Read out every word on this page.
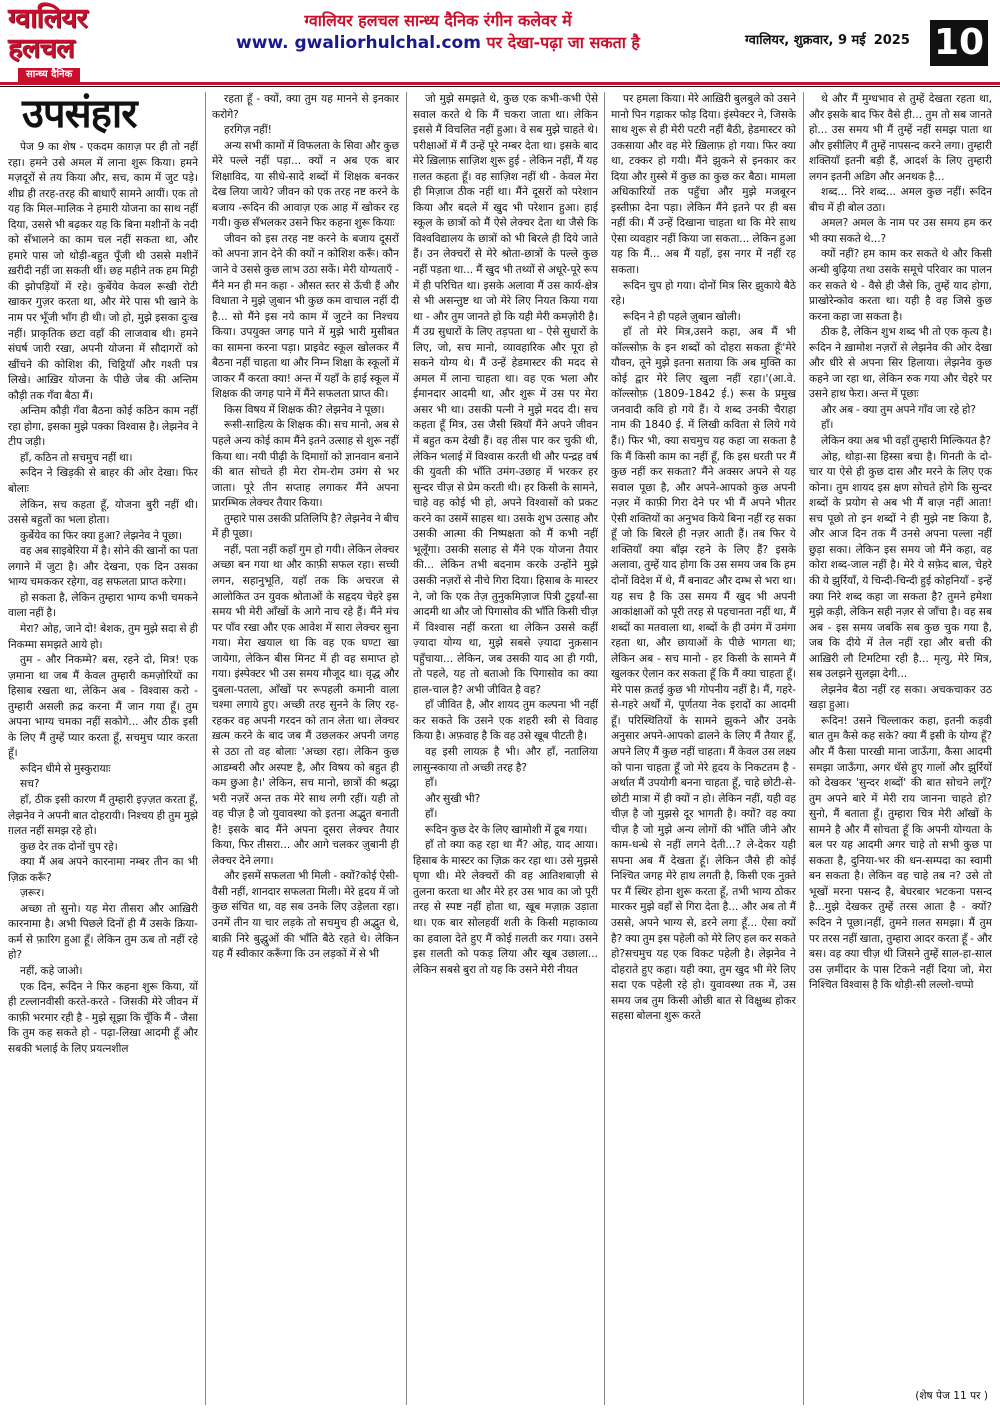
ग्वालियर
हलचल
सान्ध्य दैनिक
ग्वालियर हलचल सान्ध्य दैनिक रंगीन कलेवर में
www. gwaliorhulchal.com पर देखा-पढ़ा जा सकता है	ग्वालियर, शुक्रवार, 9 मई 2025 10
उपसंहार

पेज 9 का शेष - एकदम काग़ज़ पर ही तो नहीं रहा। हमने उसे अमल में लाना शुरू किया। हमने मज़दूरों से तय किया और, सच, काम में जुट पड़े। शीघ्र ही तरह-तरह की बाधाएँ सामने आयीं। एक तो यह कि मिल-मालिक ने हमारी योजना का साथ नहीं दिया, उससे भी बढ़कर यह कि बिना मशीनों के नदी को सँभालने का काम चल नहीं सकता था, और हमारे पास जो थोड़ी-बहुत पूँजी थी उससे मशीनें ख़रीदी नहीं जा सकती थीं। छह महीने तक हम मिट्टी की झोपड़ियों में रहे। कुर्बेयेव केवल रूखी रोटी खाकर गुज़र करता था, और मेरे पास भी खाने के नाम पर भूँजी भाँग ही थी। जो हो, मुझे इसका दुःख नहीं। प्राकृतिक छटा वहाँ की लाजवाब थी। हमने संघर्ष जारी रखा, अपनी योजना में सौदागरों को खींचने की कोशिश की, चिट्ठियाँ और गश्ती पत्र लिखे। आख़िर योजना के पीछे जेब की अन्तिम कौड़ी तक गँवा बैठा मैं।

अन्तिम कौड़ी गँवा बैठना कोई कठिन काम नहीं रहा होगा, इसका मुझे पक्का विश्वास है। लेझनेव ने टीप जड़ी।

हाँ, कठिन तो सचमुच नहीं था।

रूदिन ने खिड़की से बाहर की ओर देखा। फिर बोलाः

लेकिन, सच कहता हूँ, योजना बुरी नहीं थी। उससे बहुतों का भला होता।

कुर्बेयेव का फिर क्या हुआ? लेझनेव ने पूछा।

वह अब साइबेरिया में है। सोने की खानों का पता लगाने में जुटा है। और देखना, एक दिन उसका भाग्य चमककर रहेगा, वह सफलता प्राप्त करेगा।

हो सकता है, लेकिन तुम्हारा भाग्य कभी चमकने वाला नहीं है।

मेरा? ओह, जाने दो! बेशक, तुम मुझे सदा से ही निकम्मा समझते आये हो।

तुम - और निकम्मे? बस, रहने दो, मित्र! एक ज़माना था जब मैं केवल तुम्हारी कमज़ोरियों का हिसाब रखता था, लेकिन अब - विश्वास करो - तुम्हारी असली क़द्र करना मैं जान गया हूँ। तुम अपना भाग्य चमका नहीं सकोगे... और ठीक इसी के लिए मैं तुम्हें प्यार करता हूँ, सचमुच प्यार करता हूँ।

रूदिन धीमे से मुस्कुरायाः

सच?

हाँ, ठीक इसी कारण मैं तुम्हारी इज़्ज़त करता हूँ, लेझनेव ने अपनी बात दोहरायी। निश्चय ही तुम मुझे ग़लत नहीं समझ रहे हो।

कुछ देर तक दोनों चुप रहे।

क्या मैं अब अपने कारनामा नम्बर तीन का भी ज़िक्र करूँ?

ज़रूर।

अच्छा तो सुनो। यह मेरा तीसरा और आख़िरी कारनामा है। अभी पिछले दिनों ही मैं उसके क्रिया-कर्म से फ़ारिग हुआ हूँ। लेकिन तुम ऊब तो नहीं रहे हो?

नहीं, कहे जाओ।

एक दिन, रूदिन ने फिर कहना शुरू किया, यों ही टल्लानवीसी करते-करते - जिसकी मेरे जीवन में काफ़ी भरमार रही है - मुझे सूझा कि चूँकि मैं - जैसा कि तुम कह सकते हो - पढ़ा-लिखा आदमी हूँ और सबकी भलाई के लिए प्रयत्नशील

रहता हूँ - क्यों, क्या तुम यह मानने से इनकार करोगे?

हरगिज़ नहीं!

अन्य सभी कामों में विफलता के सिवा और कुछ मेरे पल्ले नहीं पड़ा... क्यों न अब एक बार शिक्षाविद, या सीधे-सादे शब्दों में शिक्षक बनकर देख लिया जाये? जीवन को एक तरह नष्ट करने के बजाय -रूदिन की आवाज़ एक आह में खोकर रह गयी। कुछ सँभलकर उसने फिर कहना शुरू कियाः

जीवन को इस तरह नष्ट करने के बजाय दूसरों को अपना ज्ञान देने की क्यों न कोशिश करूँ। कौन जाने वे उससे कुछ लाभ उठा सकें। मेरी योग्यताएँ - मैंने मन ही मन कहा - औसत स्तर से ऊँची हैं और विधाता ने मुझे ज़ुबान भी कुछ कम वाचाल नहीं दी है... सो मैंने इस नये काम में जुटने का निश्चय किया। उपयुक्त जगह पाने में मुझे भारी मुसीबत का सामना करना पड़ा। प्राइवेट स्कूल खोलकर मैं बैठना नहीं चाहता था और निम्न शिक्षा के स्कूलों में जाकर मैं करता क्या! अन्त में यहाँ के हाई स्कूल में शिक्षक की जगह पाने में मैंने सफलता प्राप्त की।

किस विषय में शिक्षक की? लेझनेव ने पूछा।

रूसी-साहित्य के शिक्षक की। सच मानो, अब से पहले अन्य कोई काम मैंने इतने उत्साह से शुरू नहीं किया था। नयी पीढ़ी के दिमाग़ों को ज्ञानवान बनाने की बात सोचते ही मेरा रोम-रोम उमंग से भर जाता। पूरे तीन सप्ताह लगाकर मैंने अपना प्रारम्भिक लेक्चर तैयार किया।

तुम्हारे पास उसकी प्रतिलिपि है? लेझनेव ने बीच में ही पूछा।

नहीं, पता नहीं कहाँ गुम हो गयी। लेकिन लेक्चर अच्छा बन गया था और काफ़ी सफल रहा। सच्ची लगन, सहानुभूति, यहाँ तक कि अचरज से आलोकित उन युवक श्रोताओं के सहृदय चेहरे इस समय भी मेरी आँखों के आगे नाच रहे हैं। मैंने मंच पर पाँव रखा और एक आवेश में सारा लेक्चर सुना गया। मेरा खयाल था कि वह एक घण्टा खा जायेगा, लेकिन बीस मिनट में ही वह समाप्त हो गया। इंस्पेक्टर भी उस समय मौजूद था। वृद्ध और दुबला-पतला, आँखों पर रूपहली कमानी वाला चश्मा लगाये हुए। अच्छी तरह सुनने के लिए रह-रहकर वह अपनी गरदन को तान लेता था। लेक्चर ख़त्म करने के बाद जब मैं उछलकर अपनी जगह से उठा तो वह बोलाः 'अच्छा रहा। लेकिन कुछ आडम्बरी और अस्पष्ट है, और विषय को बहुत ही कम छुआ है।' लेकिन, सच मानो, छात्रों की श्रद्धा भरी नज़रें अन्त तक मेरे साथ लगी रहीं। यही तो वह चीज़ है जो युवावस्था को इतना अद्भुत बनाती है! इसके बाद मैंने अपना दूसरा लेक्चर तैयार किया, फिर तीसरा... और आगे चलकर ज़ुबानी ही लेक्चर देने लगा।

और इसमें सफलता भी मिली - क्यों?कोई ऐसी-वैसी नहीं, शानदार सफलता मिली। मेरे हृदय में जो कुछ संचित था, वह सब उनके लिए उड़ेलता रहा। उनमें तीन या चार लड़के तो सचमुच ही अद्भुत थे, बाक़ी निरे बुद्धुओं की भाँति बैठे रहते थे। लेकिन यह मैं स्वीकार करूँगा कि उन लड़कों में से भी

जो मुझे समझते थे, कुछ एक कभी-कभी ऐसे सवाल करते थे कि मैं चकरा जाता था। लेकिन इससे मैं विचलित नहीं हुआ। वे सब मुझे चाहते थे। परीक्षाओं में मैं उन्हें पूरे नम्बर देता था। इसके बाद मेरे ख़िलाफ़ साज़िश शुरू हुई - लेकिन नहीं, मैं यह ग़लत कहता हूँ। वह साज़िश नहीं थी - केवल मेरा ही मिज़ाज ठीक नहीं था। मैंने दूसरों को परेशान किया और बदले में खुद भी परेशान हुआ। हाई स्कूल के छात्रों को मैं ऐसे लेक्चर देता था जैसे कि विश्वविद्यालय के छात्रों को भी बिरले ही दिये जाते हैं। उन लेक्चरों से मेरे श्रोता-छात्रों के पल्ले कुछ नहीं पड़ता था... मैं खुद भी तथ्यों से अधूरे-पूरे रूप में ही परिचित था। इसके अलावा मैं उस कार्य-क्षेत्र से भी असन्तुष्ट था जो मेरे लिए नियत किया गया था - और तुम जानते हो कि यही मेरी कमज़ोरी है। मैं उग्र सुधारों के लिए तड़पता था - ऐसे सुधारों के लिए, जो, सच मानो, व्यावहारिक और पूरा हो सकने योग्य थे। मैं उन्हें हेडमास्टर की मदद से अमल में लाना चाहता था। वह एक भला और ईमानदार आदमी था, और शुरू में उस पर मेरा असर भी था। उसकी पत्नी ने मुझे मदद दी। सच कहता हूँ मित्र, उस जैसी स्त्रियाँ मैंने अपने जीवन में बहुत कम देखी हैं। वह तीस पार कर चुकी थी, लेकिन भलाई में विश्वास करती थी और पन्द्रह वर्ष की युवती की भाँति उमंग-उछाह में भरकर हर सुन्दर चीज़ से प्रेम करती थी। हर किसी के सामने, चाहे वह कोई भी हो, अपने विश्वासों को प्रकट करने का उसमें साहस था। उसके शुभ उत्साह और उसकी आत्मा की निष्पक्षता को मैं कभी नहीं भूलूँगा। उसकी सलाह से मैंने एक योजना तैयार की... लेकिन तभी बदनाम करके उन्होंने मुझे उसकी नज़रों से नीचे गिरा दिया। हिसाब के मास्टर ने, जो कि एक तेज़ तुनुकमिज़ाज पित्री टुइर्यां-सा आदमी था और जो पिगासोव की भाँति किसी चीज़ में विश्वास नहीं करता था लेकिन उससे कहीं ज़्यादा योग्य था, मुझे सबसे ज़्यादा नुक़सान पहुँचाया... लेकिन, जब उसकी याद आ ही गयी, तो पहले, यह तो बताओ कि पिगासोव का क्या हाल-चाल है? अभी जीवित है वह?

हाँ जीवित है, और शायद तुम कल्पना भी नहीं कर सकते कि उसने एक शहरी स्त्री से विवाह किया है। अफ़वाह है कि वह उसे खूब पीटती है।

वह इसी लायक़ है भी। और हाँ, नतालिया लासुन्स्काया तो अच्छी तरह है?

हाँ।

और सुखी भी?

हाँ।

रूदिन कुछ देर के लिए खामोशी में डूब गया।

हाँ तो क्या कह रहा था मैं? ओह, याद आया। हिसाब के मास्टर का ज़िक्र कर रहा था। उसे मुझसे घृणा थी। मेरे लेक्चरों की वह आतिशबाज़ी से तुलना करता था और मेरे हर उस भाव का जो पूरी तरह से स्पष्ट नहीं होता था, खूब मज़ाक़ उड़ाता था। एक बार सोलहवीं शती के किसी महाकाव्य का हवाला देते हुए मैं कोई ग़लती कर गया। उसने इस ग़लती को पकड़ लिया और खूब उछाला... लेकिन सबसे बुरा तो यह कि उसने मेरी नीयत

पर हमला किया। मेरे आख़िरी बुलबुले को उसने मानो पिन गड़ाकर फोड़ दिया। इंस्पेक्टर ने, जिसके साथ शुरू से ही मेरी पटरी नहीं बैठी, हेडमास्टर को उकसाया और वह मेरे ख़िलाफ़ हो गया। फिर क्या था, टक्कर हो गयी। मैंने झुकने से इनकार कर दिया और ग़ुस्से में कुछ का कुछ कर बैठा। मामला अधिकारियों तक पहुँचा और मुझे मजबूरन इस्तीफ़ा देना पड़ा। लेकिन मैंने इतने पर ही बस नहीं की। मैं उन्हें दिखाना चाहता था कि मेरे साथ ऐसा व्यवहार नहीं किया जा सकता... लेकिन हुआ यह कि मैं... अब मैं यहाँ, इस नगर में नहीं रह सकता।

रूदिन चुप हो गया। दोनों मित्र सिर झुकाये बैठे रहे।

रूदिन ने ही पहले ज़ुबान खोली।

हाँ तो मेरे मित्र,उसने कहा, अब मैं भी कॉल्त्सोफ़ के इन शब्दों को दोहरा सकता हूँः'मेरे यौवन, तूने मुझे इतना सताया कि अब मुक्ति का कोई द्वार मेरे लिए खुला नहीं रहा।'(आ.वे. कॉल्त्सोफ़ (1809-1842 ई.) रूस के प्रमुख जनवादी कवि हो गये हैं। ये शब्द उनकी चैराहा नाम की 1840 ई. में लिखी कविता से लिये गये हैं।) फिर भी, क्या सचमुच यह कहा जा सकता है कि मैं किसी काम का नहीं हूँ, कि इस धरती पर मैं कुछ नहीं कर सकता? मैंने अक्सर अपने से यह सवाल पूछा है, और अपने-आपको कुछ अपनी नज़र में काफ़ी गिरा देने पर भी मैं अपने भीतर ऐसी शक्तियों का अनुभव किये बिना नहीं रह सका हूँ जो कि बिरले ही नज़र आती हैं। तब फिर ये शक्तियाँ क्या बाँझ रहने के लिए हैं? इसके अलावा, तुम्हें याद होगा कि उस समय जब कि हम दोनों विदेश में थे, मैं बनावट और दम्भ से भरा था। यह सच है कि उस समय मैं खुद भी अपनी आकांक्षाओं को पूरी तरह से पहचानता नहीं था, मैं शब्दों का मतवाला था, शब्दों के ही उमंग में उमंगा रहता था, और छायाओं के पीछे भागता था; लेकिन अब - सच मानो - हर किसी के सामने मैं खुलकर ऐलान कर सकता हूँ कि मैं क्या चाहता हूँ। मेरे पास क़तई कुछ भी गोपनीय नहीं है। मैं, गहरे-से-गहरे अर्थों में, पूर्णतया नेक इरादों का आदमी हूँ। परिस्थितियों के सामने झुकने और उनके अनुसार अपने-आपको ढालने के लिए मैं तैयार हूँ, अपने लिए मैं कुछ नहीं चाहता। मैं केवल उस लक्ष्य को पाना चाहता हूँ जो मेरे हृदय के निकटतम है - अर्थात मैं उपयोगी बनना चाहता हूँ, चाहे छोटी-से-छोटी मात्रा में ही क्यों न हो। लेकिन नहीं, यही वह चीज़ है जो मुझसे दूर भागती है। क्यों? वह क्या चीज़ है जो मुझे अन्य लोगों की भाँति जीने और काम-धन्धे से नहीं लगने देती...? ले-देकर यही सपना अब मैं देखता हूँ। लेकिन जैसे ही कोई निश्चित जगह मेरे हाथ लगती है, किसी एक नुक़्ते पर मैं स्थिर होना शुरू करता हूँ, तभी भाग्य ठोकर मारकर मुझे वहाँ से गिरा देता है... और अब तो मैं उससे, अपने भाग्य से, डरने लगा हूँ... ऐसा क्यों है? क्या तुम इस पहेली को मेरे लिए हल कर सकते हो?सचमुच यह एक विकट पहेली है। लेझनेव ने दोहराते हुए कहा। यही क्या, तुम खुद भी मेरे लिए सदा एक पहेली रहे हो। युवावस्था तक में, उस समय जब तुम किसी ओछी बात से विक्षुब्ध होकर सहसा बोलना शुरू करते

थे और मैं मुग्धभाव से तुम्हें देखता रहता था, और इसके बाद फिर वैसे ही... तुम तो सब जानते हो... उस समय भी मैं तुम्हें नहीं समझ पाता था और इसीलिए मैं तुम्हें नापसन्द करने लगा। तुम्हारी शक्तियाँ इतनी बड़ी हैं, आदर्श के लिए तुम्हारी लगन इतनी अडिग और अनथक है...

शब्द... निरे शब्द... अमल कुछ नहीं। रूदिन बीच में ही बोल उठा।

अमल? अमल के नाम पर उस समय हम कर भी क्या सकते थे...?

क्यों नहीं? हम काम कर सकते थे और किसी अन्धी बुढ़िया तथा उसके समूचे परिवार का पालन कर सकते थे - वैसे ही जैसे कि, तुम्हें याद होगा, प्राखोरेन्कोव करता था। यही है वह जिसे कुछ करना कहा जा सकता है।

ठीक है, लेकिन शुभ शब्द भी तो एक कृत्य है। रूदिन ने ख़ामोश नज़रों से लेझनेव की ओर देखा और धीरे से अपना सिर हिलाया। लेझनेव कुछ कहने जा रहा था, लेकिन रुक गया और चेहरे पर उसने हाथ फेरा। अन्त में पूछाः

और अब - क्या तुम अपने गाँव जा रहे हो?

हाँ।

लेकिन क्या अब भी वहाँ तुम्हारी मिल्कियत है?

ओह, थोड़ा-सा हिस्सा बचा है। गिनती के दो-चार या ऐसे ही कुछ दास और मरने के लिए एक कोना। तुम शायद इस क्षण सोचते होगे कि सुन्दर शब्दों के प्रयोग से अब भी मैं बाज़ नहीं आता! सच पूछो तो इन शब्दों ने ही मुझे नष्ट किया है, और आज दिन तक मैं उनसे अपना पल्ला नहीं छुड़ा सका। लेकिन इस समय जो मैंने कहा, वह कोरा शब्द-जाल नहीं है। मेरे ये सफ़ेद बाल, चेहरे की ये झुर्रियाँ, ये चिन्दी-चिन्दी हुई कोहनियाँ - इन्हें क्या निरे शब्द कहा जा सकता है? तुमने हमेशा मुझे कड़ी, लेकिन सही नज़र से जाँचा है। वह सब अब - इस समय जबकि सब कुछ चुक गया है, जब कि दीये में तेल नहीं रहा और बत्ती की आख़िरी लौ टिमटिमा रही है... मृत्यु, मेरे मित्र, सब उलझने सुलझा देगी...

लेझनेव बैठा नहीं रह सका। अचकचाकर उठ खड़ा हुआ।

रूदिन! उसने चिल्लाकर कहा, इतनी कड़वी बात तुम कैसे कह सके? क्या मैं इसी के योग्य हूँ? और मैं कैसा पारखी माना जाऊँगा, कैसा आदमी समझा जाऊँगा, अगर धँसे हुए गालों और झुर्रियों को देखकर 'सुन्दर शब्दों' की बात सोचने लगूँ? तुम अपने बारे में मेरी राय जानना चाहते हो? सुनो, मैं बताता हूँ। तुम्हारा चित्र मेरी आँखों के सामने है और मैं सोचता हूँ कि अपनी योग्यता के बल पर यह आदमी अगर चाहे तो सभी कुछ पा सकता है, दुनिया-भर की धन-सम्पदा का स्वामी बन सकता है। लेकिन वह चाहे तब न? उसे तो भूखों मरना पसन्द है, बेघरबार भटकना पसन्द है...मुझे देखकर तुम्हें तरस आता है - क्यों? रूदिन ने पूछा।नहीं, तुमने ग़लत समझा। मैं तुम पर तरस नहीं खाता, तुम्हारा आदर करता हूँ - और बस। वह क्या चीज़ थी जिसने तुम्हें साल-हा-साल उस ज़मींदार के पास टिकने नहीं दिया जो, मेरा निश्चित विश्वास है कि थोड़ी-सी लल्लो-चप्पो

(शेष पेज 11 पर )
